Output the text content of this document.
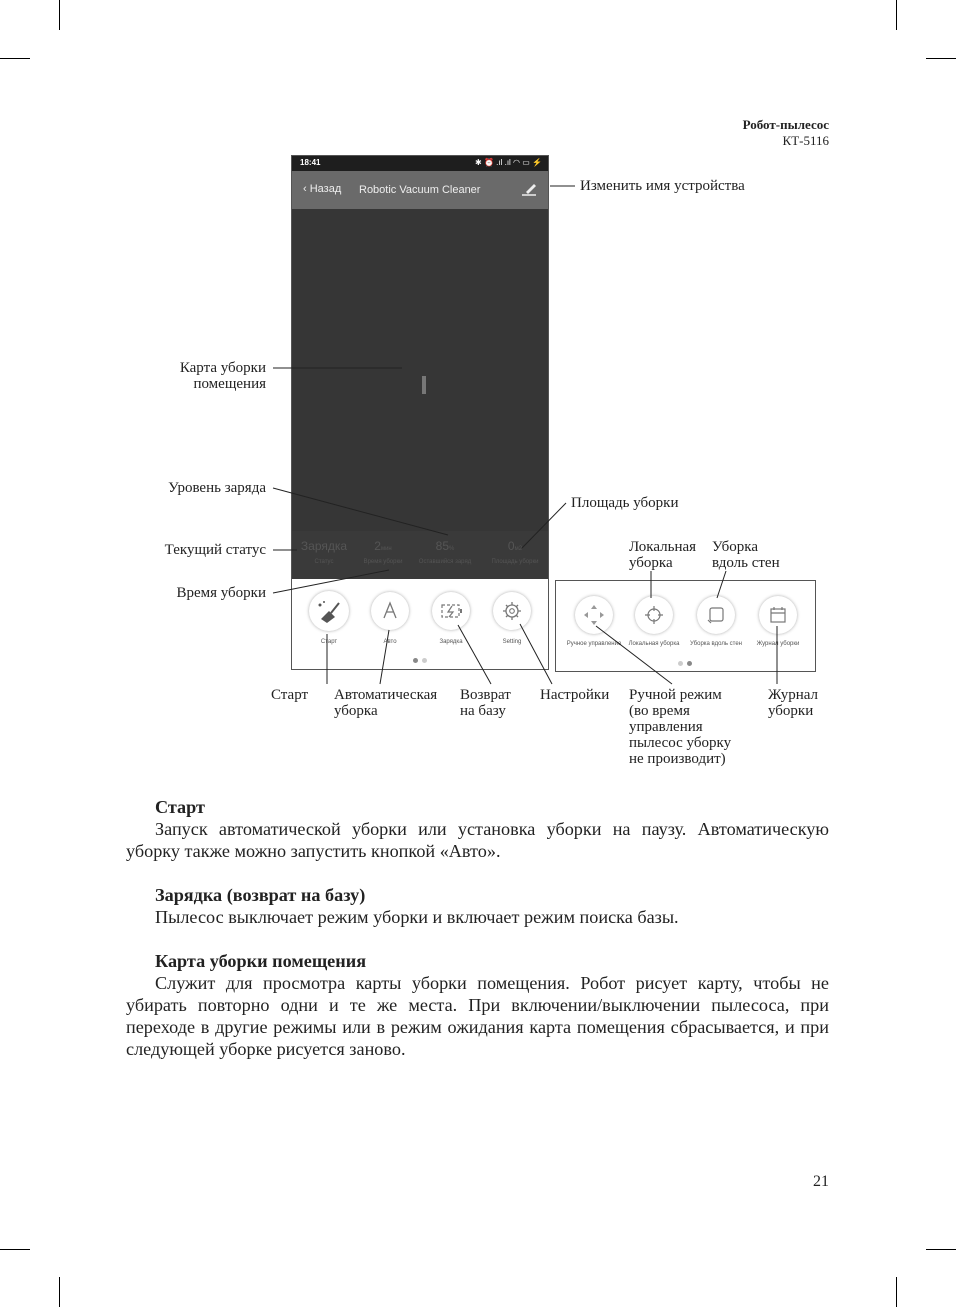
Робот-пылесос
КТ-5116
18:41	✱ ⏰ .ıl .ıl ◠ ▭ ⚡
‹ Назад Robotic Vacuum Cleaner
Зарядка
Статус
2мин
Время уборки
85%
Оставшийся заряд
0м2
Площадь уборки
Старт	Авто	Зарядка	Setting	Ручное управление	Локальная уборка	Уборка вдоль стен	Журнал уборки
Изменить имя устройства
Карта уборки
помещения
Уровень заряда
Площадь уборки
Текущий статус
Время уборки
Локальная
уборка
Уборка
вдоль стен
Старт Автоматическая
уборка
Возврат
на базу
Настройки Ручной режим
(во время
управления
пылесос уборку
не производит)
Журнал
уборки
Старт
Запуск автоматической уборки или установка уборки на паузу. Автоматическую уборку также можно запустить кнопкой «Авто».
Зарядка (возврат на базу)
Пылесос выключает режим уборки и включает режим поиска базы.
Карта уборки помещения
Служит для просмотра карты уборки помещения. Робот рисует карту, чтобы не убирать повторно одни и те же места. При включении/выключении пылесоса, при переходе в другие режимы или в режим ожидания карта помещения сбрасывается, и при следующей уборке рисуется заново.
21
